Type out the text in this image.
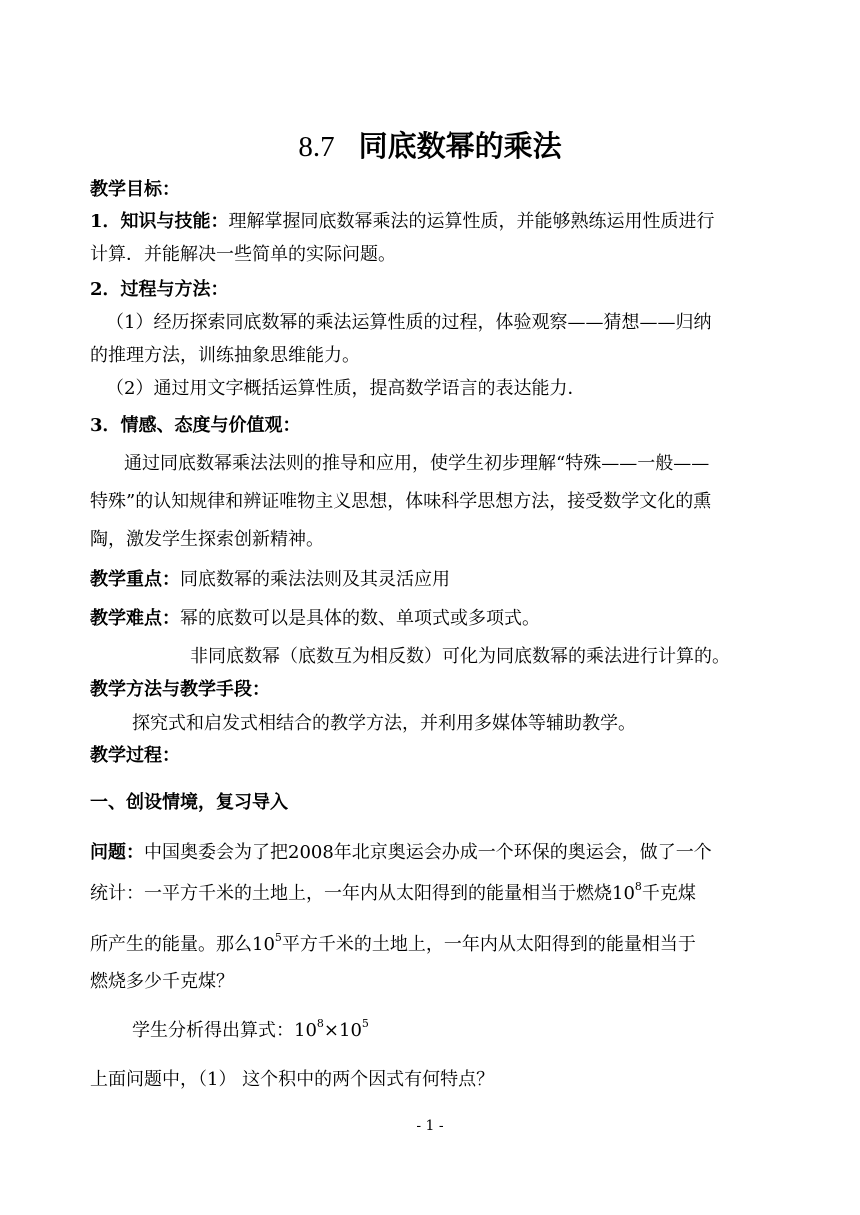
8.7 同底数幂的乘法
教学目标：
1．知识与技能：理解掌握同底数幂乘法的运算性质，并能够熟练运用性质进行
计算．并能解决一些简单的实际问题。
2．过程与方法：
（1）经历探索同底数幂的乘法运算性质的过程，体验观察——猜想——归纳
的推理方法，训练抽象思维能力。
（2）通过用文字概括运算性质，提高数学语言的表达能力．
3．情感、态度与价值观：
通过同底数幂乘法法则的推导和应用，使学生初步理解“特殊——一般——
特殊”的认知规律和辨证唯物主义思想，体味科学思想方法，接受数学文化的熏
陶，激发学生探索创新精神。
教学重点：同底数幂的乘法法则及其灵活应用
教学难点：幂的底数可以是具体的数、单项式或多项式。
非同底数幂（底数互为相反数）可化为同底数幂的乘法进行计算的。
教学方法与教学手段：
探究式和启发式相结合的教学方法，并利用多媒体等辅助教学。
教学过程：
一、创设情境，复习导入
问题：中国奥委会为了把2008年北京奥运会办成一个环保的奥运会，做了一个
统计：一平方千米的土地上，一年内从太阳得到的能量相当于燃烧$10^8$千克煤
所产生的能量。那么$10^5$平方千米的土地上，一年内从太阳得到的能量相当于
燃烧多少千克煤？
学生分析得出算式：$10^8\times 10^5$
上面问题中，（1） 这个积中的两个因式有何特点？
- 1 -
